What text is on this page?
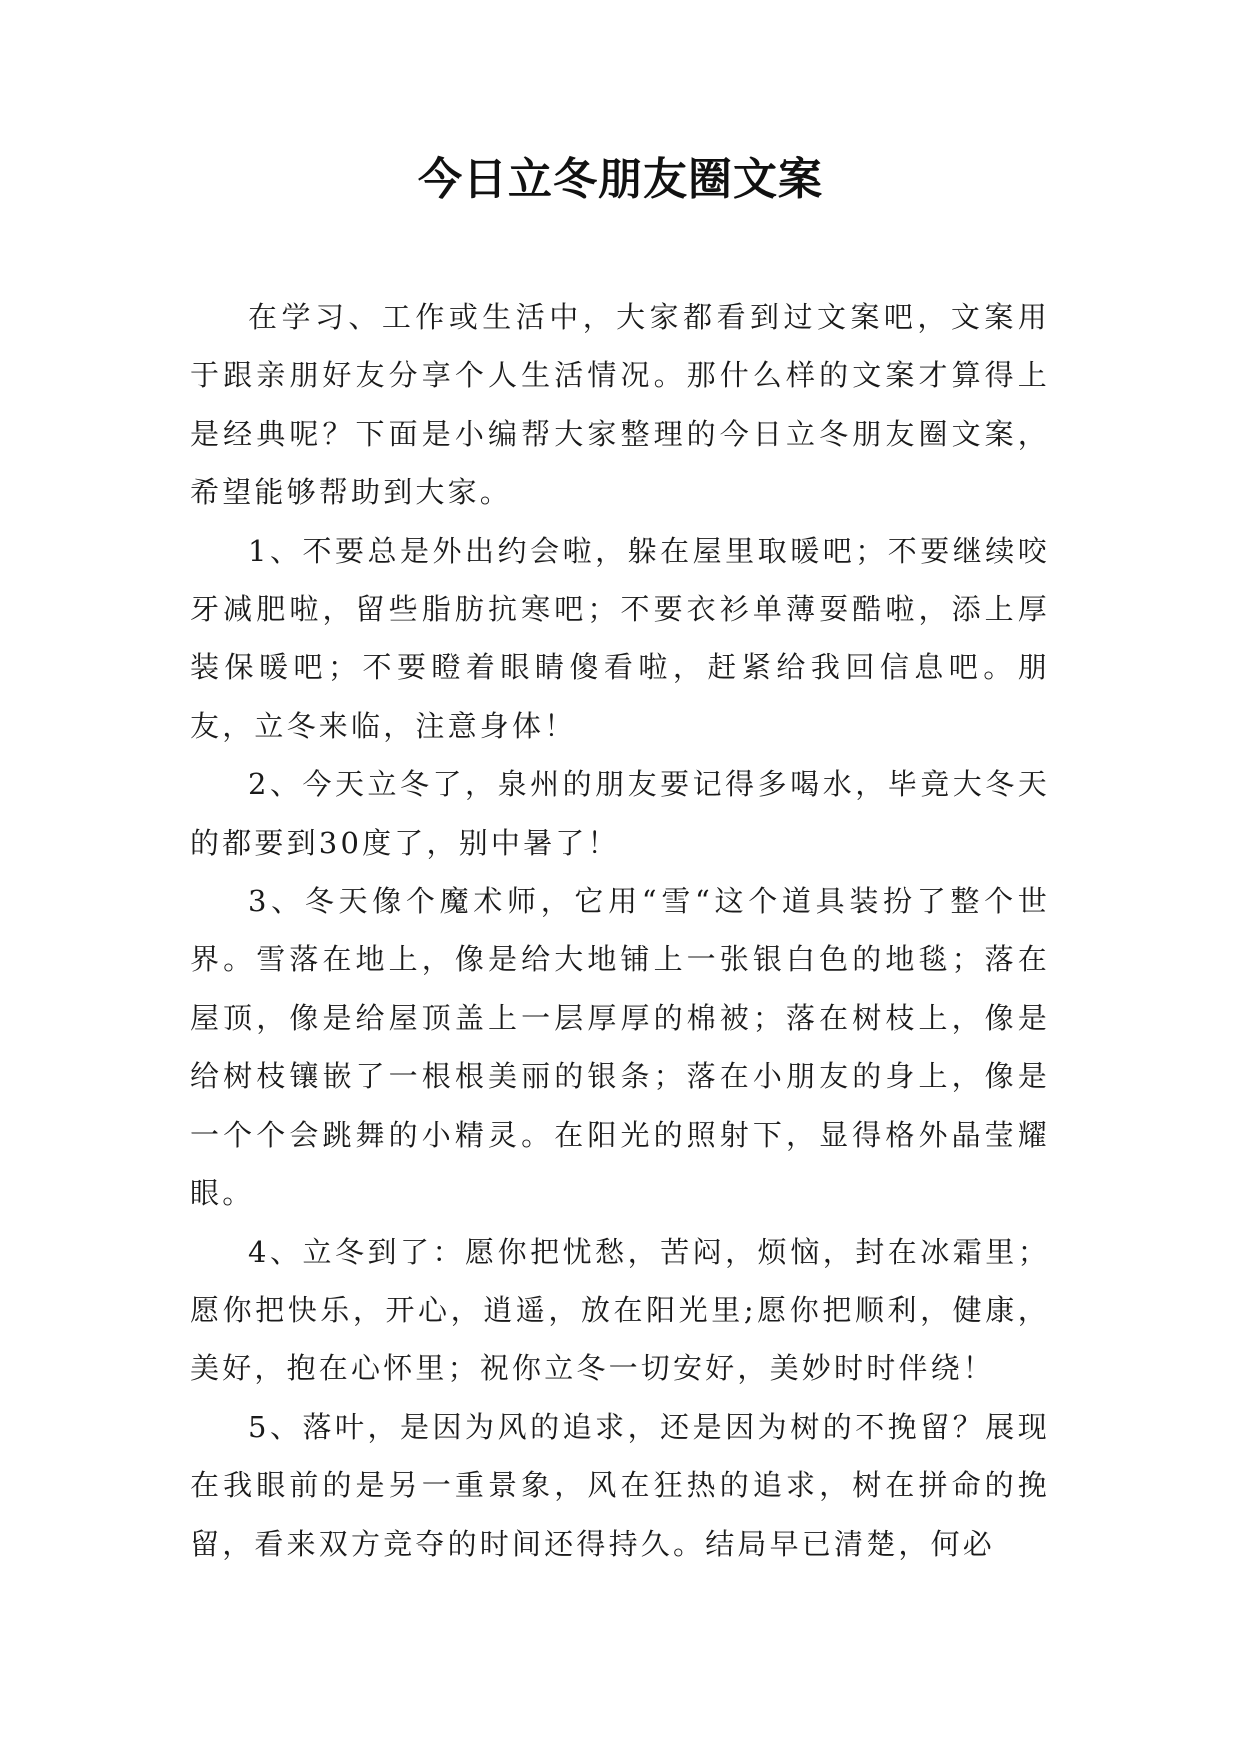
今日立冬朋友圈文案

在学习、工作或生活中，大家都看到过文案吧，文案用于跟亲朋好友分享个人生活情况。那什么样的文案才算得上是经典呢？下面是小编帮大家整理的今日立冬朋友圈文案，希望能够帮助到大家。

1、不要总是外出约会啦，躲在屋里取暖吧；不要继续咬牙减肥啦，留些脂肪抗寒吧；不要衣衫单薄耍酷啦，添上厚装保暖吧；不要瞪着眼睛傻看啦，赶紧给我回信息吧。朋友，立冬来临，注意身体！

2、今天立冬了，泉州的朋友要记得多喝水，毕竟大冬天的都要到30度了，别中暑了！

3、冬天像个魔术师，它用“雪“这个道具装扮了整个世界。雪落在地上，像是给大地铺上一张银白色的地毯；落在屋顶，像是给屋顶盖上一层厚厚的棉被；落在树枝上，像是给树枝镶嵌了一根根美丽的银条；落在小朋友的身上，像是一个个会跳舞的小精灵。在阳光的照射下，显得格外晶莹耀眼。

4、立冬到了：愿你把忧愁，苦闷，烦恼，封在冰霜里；愿你把快乐，开心，逍遥，放在阳光里;愿你把顺利，健康，美好，抱在心怀里；祝你立冬一切安好，美妙时时伴绕！

5、落叶，是因为风的追求，还是因为树的不挽留？展现在我眼前的是另一重景象，风在狂热的追求，树在拼命的挽留，看来双方竞夺的时间还得持久。结局早已清楚，何必
